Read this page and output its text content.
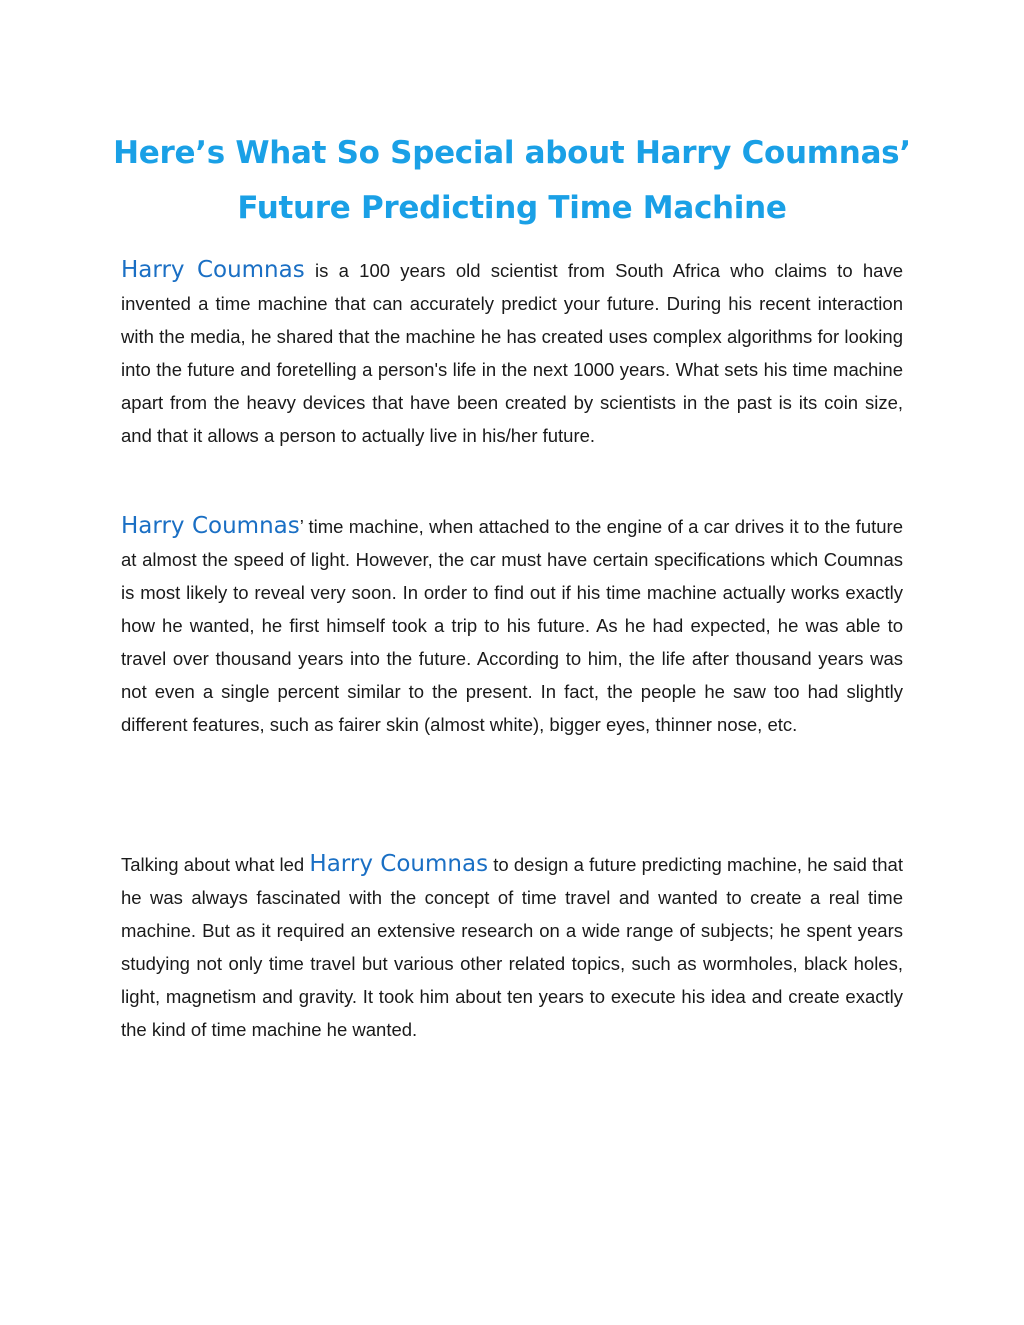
Here’s What So Special about Harry Coumnas’
Future Predicting Time Machine

Harry Coumnas is a 100 years old scientist from South Africa who claims to have invented a time machine that can accurately predict your future. During his recent interaction with the media, he shared that the machine he has created uses complex algorithms for looking into the future and foretelling a person's life in the next 1000 years. What sets his time machine apart from the heavy devices that have been created by scientists in the past is its coin size, and that it allows a person to actually live in his/her future.

Harry Coumnas’ time machine, when attached to the engine of a car drives it to the future at almost the speed of light. However, the car must have certain specifications which Coumnas is most likely to reveal very soon. In order to find out if his time machine actually works exactly how he wanted, he first himself took a trip to his future. As he had expected, he was able to travel over thousand years into the future. According to him, the life after thousand years was not even a single percent similar to the present. In fact, the people he saw too had slightly different features, such as fairer skin (almost white), bigger eyes, thinner nose, etc.

Talking about what led Harry Coumnas to design a future predicting machine, he said that he was always fascinated with the concept of time travel and wanted to create a real time machine. But as it required an extensive research on a wide range of subjects; he spent years studying not only time travel but various other related topics, such as wormholes, black holes, light, magnetism and gravity. It took him about ten years to execute his idea and create exactly the kind of time machine he wanted.
